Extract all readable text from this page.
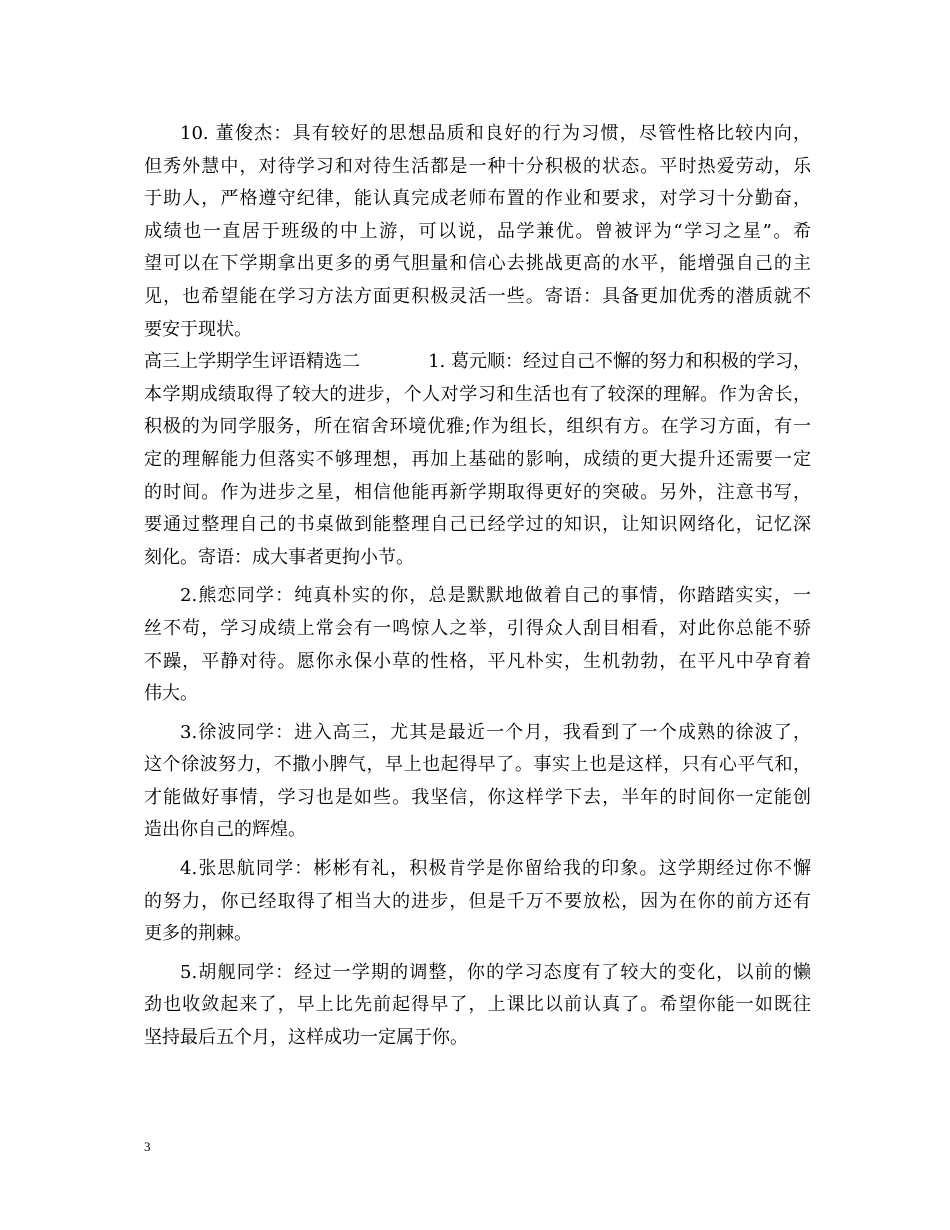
10. 董俊杰：具有较好的思想品质和良好的行为习惯，尽管性格比较内向，
但秀外慧中，对待学习和对待生活都是一种十分积极的状态。平时热爱劳动，乐
于助人，严格遵守纪律，能认真完成老师布置的作业和要求，对学习十分勤奋，
成绩也一直居于班级的中上游，可以说，品学兼优。曾被评为“学习之星”。希
望可以在下学期拿出更多的勇气胆量和信心去挑战更高的水平，能增强自己的主
见，也希望能在学习方法方面更积极灵活一些。寄语：具备更加优秀的潜质就不
要安于现状。
高三上学期学生评语精选二	1. 葛元顺：经过自己不懈的努力和积极的学习，
本学期成绩取得了较大的进步，个人对学习和生活也有了较深的理解。作为舍长，
积极的为同学服务，所在宿舍环境优雅;作为组长，组织有方。在学习方面，有一
定的理解能力但落实不够理想，再加上基础的影响，成绩的更大提升还需要一定
的时间。作为进步之星，相信他能再新学期取得更好的突破。另外，注意书写，
要通过整理自己的书桌做到能整理自己已经学过的知识，让知识网络化，记忆深
刻化。寄语：成大事者更拘小节。
2.熊恋同学：纯真朴实的你，总是默默地做着自己的事情，你踏踏实实，一
丝不苟，学习成绩上常会有一鸣惊人之举，引得众人刮目相看，对此你总能不骄
不躁，平静对待。愿你永保小草的性格，平凡朴实，生机勃勃，在平凡中孕育着
伟大。
3.徐波同学：进入高三，尤其是最近一个月，我看到了一个成熟的徐波了，
这个徐波努力，不撒小脾气，早上也起得早了。事实上也是这样，只有心平气和，
才能做好事情，学习也是如些。我坚信，你这样学下去，半年的时间你一定能创
造出你自己的辉煌。
4.张思航同学：彬彬有礼，积极肯学是你留给我的印象。这学期经过你不懈
的努力，你已经取得了相当大的进步，但是千万不要放松，因为在你的前方还有
更多的荆棘。
5.胡舰同学：经过一学期的调整，你的学习态度有了较大的变化，以前的懒
劲也收敛起来了，早上比先前起得早了，上课比以前认真了。希望你能一如既往
坚持最后五个月，这样成功一定属于你。
3
